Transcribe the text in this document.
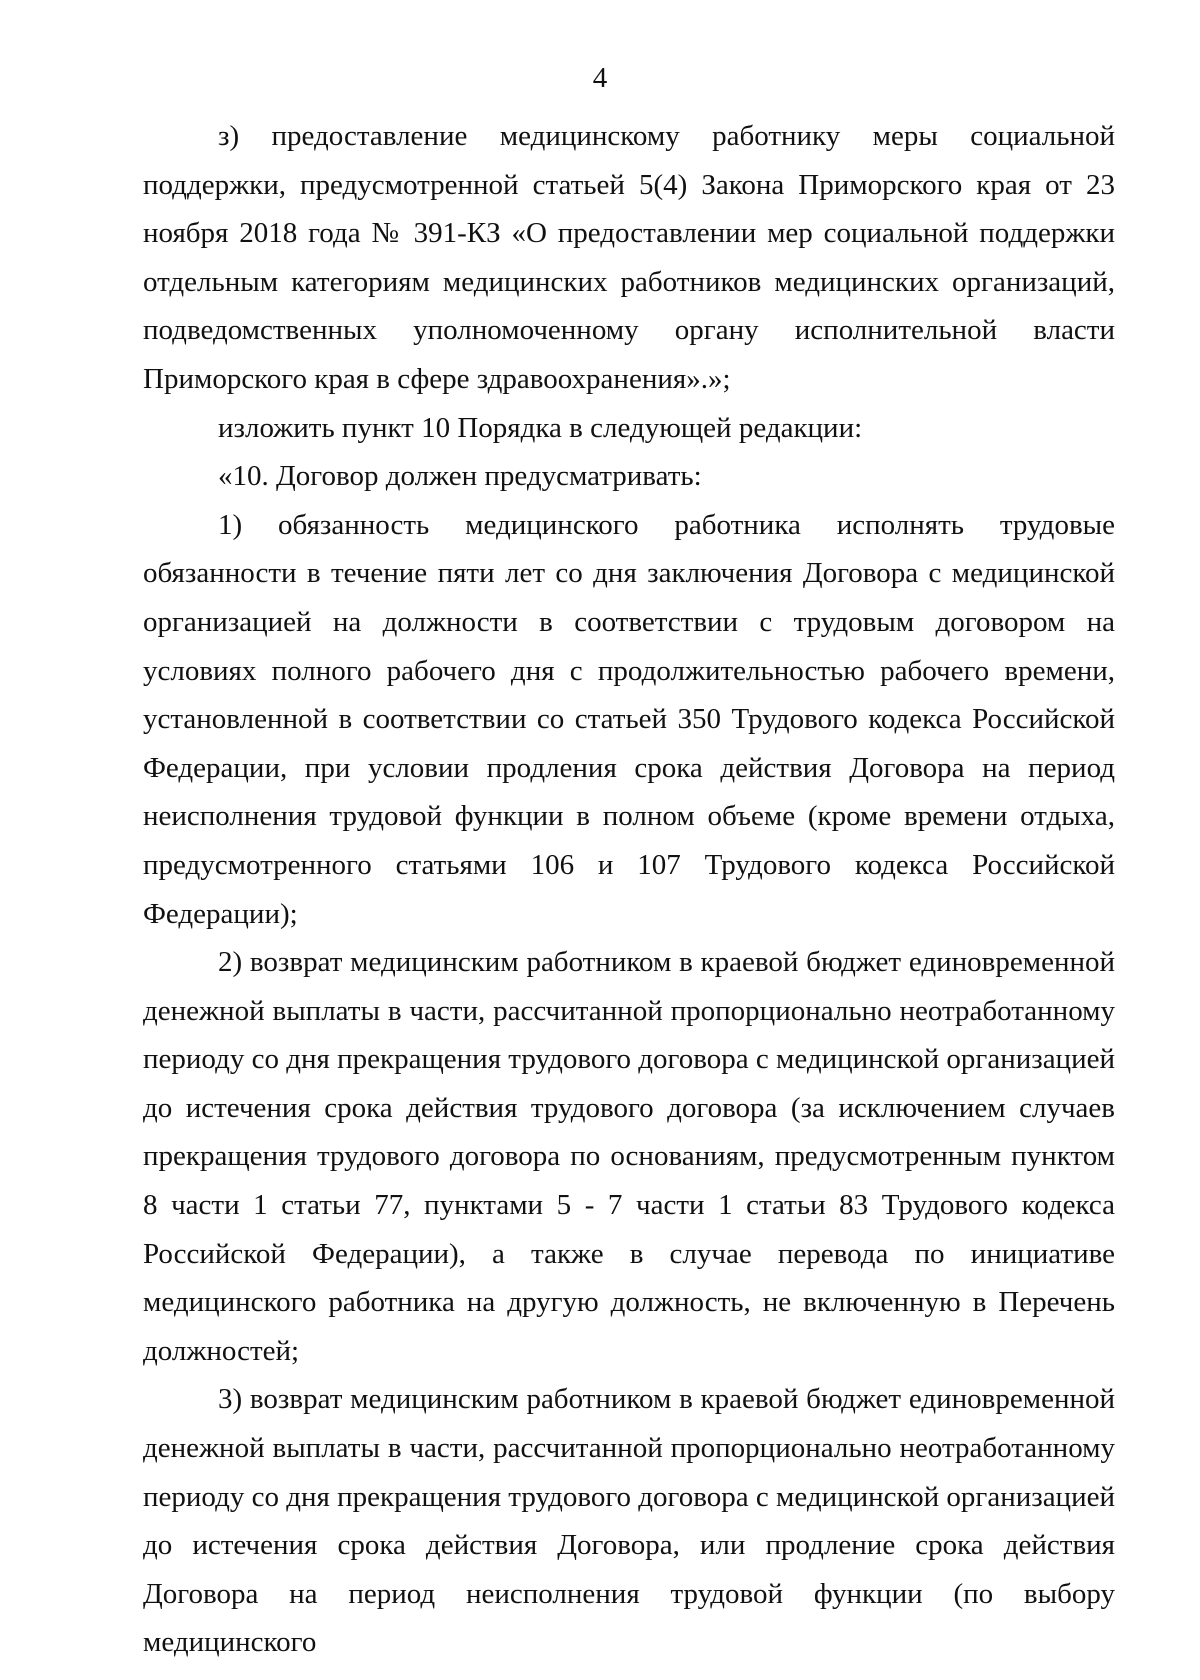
4

з) предоставление медицинскому работнику меры социальной поддержки, предусмотренной статьей 5(4) Закона Приморского края от 23 ноября 2018 года № 391-КЗ «О предоставлении мер социальной поддержки отдельным категориям медицинских работников медицинских организаций, подведомственных уполномоченному органу исполнительной власти Приморского края в сфере здравоохранения».»;

изложить пункт 10 Порядка в следующей редакции:

«10. Договор должен предусматривать:

1) обязанность медицинского работника исполнять трудовые обязанности в течение пяти лет со дня заключения Договора с медицинской организацией на должности в соответствии с трудовым договором на условиях полного рабочего дня с продолжительностью рабочего времени, установленной в соответствии со статьей 350 Трудового кодекса Российской Федерации, при условии продления срока действия Договора на период неисполнения трудовой функции в полном объеме (кроме времени отдыха, предусмотренного статьями 106 и 107 Трудового кодекса Российской Федерации);

2) возврат медицинским работником в краевой бюджет единовременной денежной выплаты в части, рассчитанной пропорционально неотработанному периоду со дня прекращения трудового договора с медицинской организацией до истечения срока действия трудового договора (за исключением случаев прекращения трудового договора по основаниям, предусмотренным пунктом 8 части 1 статьи 77, пунктами 5 - 7 части 1 статьи 83 Трудового кодекса Российской Федерации), а также в случае перевода по инициативе медицинского работника на другую должность, не включенную в Перечень должностей;

3) возврат медицинским работником в краевой бюджет единовременной денежной выплаты в части, рассчитанной пропорционально неотработанному периоду со дня прекращения трудового договора с медицинской организацией до истечения срока действия Договора, или продление срока действия Договора на период неисполнения трудовой функции (по выбору медицинского
